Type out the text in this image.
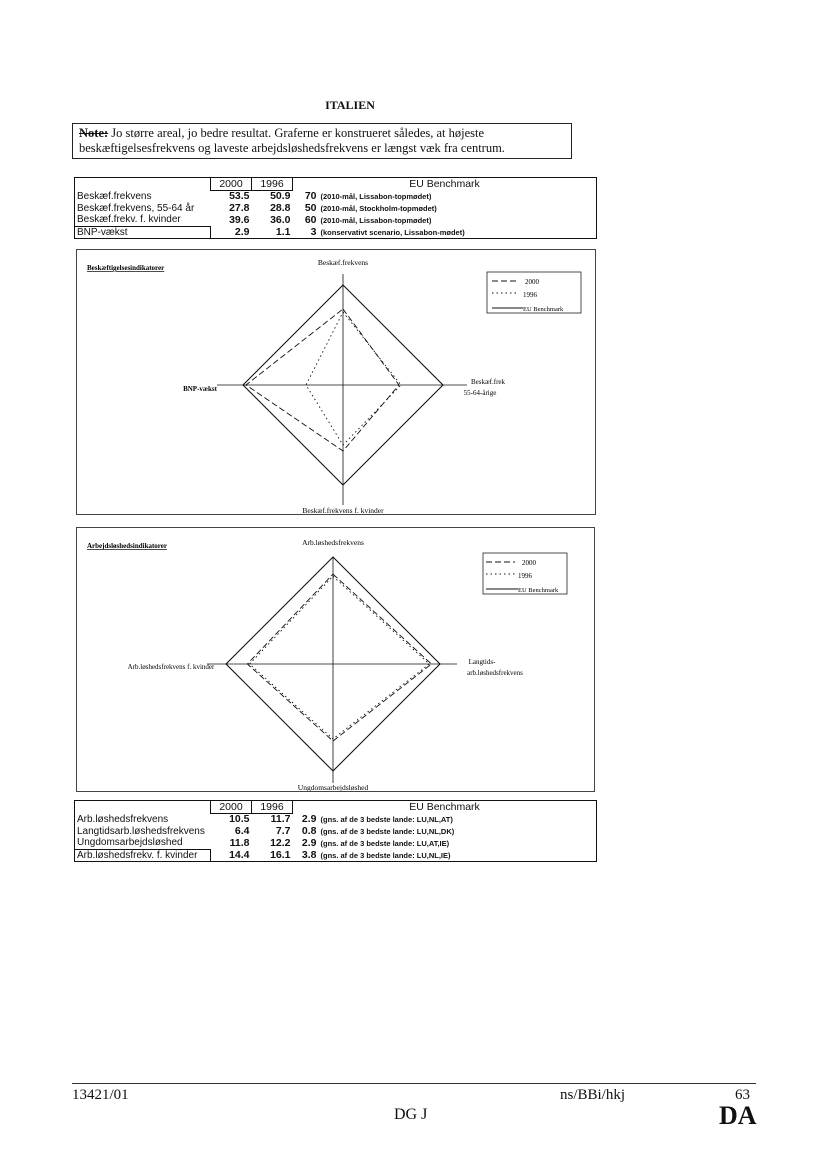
ITALIEN
Note: Jo større areal, jo bedre resultat. Graferne er konstrueret således, at højeste beskæftigelsesfrekvens og laveste arbejdsløshedsfrekvens er længst væk fra centrum.
	2000	1996	EU Benchmark	
Beskæf.frekvens	53.5	50.9	70	(2010-mål, Lissabon-topmødet)
Beskæf.frekvens, 55-64 år	27.8	28.8	50	(2010-mål, Stockholm-topmødet)
Beskæf.frekv. f. kvinder	39.6	36.0	60	(2010-mål, Lissabon-topmødet)
BNP-vækst	2.9	1.1	3	(konservativt scenario, Lissabon-mødet)
Beskæftigelsesindikatorer
Beskæf.frekvens
Beskæf.frek
55-64-årige
Beskæf.frekvens f. kvinder
BNP-vækst
2000
1996
EU Benchmark
Arbejdsløshedsindikatorer	Arb.løshedsfrekvens
Langtids-
arb.løshedsfrekvens
Ungdomsarbejdsløshed
Arb.løshedsfrekvens f. kvinder
2000
1996
EU Benchmark
	2000	1996	EU Benchmark	
Arb.løshedsfrekvens	10.5	11.7	2.9	(gns. af de 3 bedste lande: LU,NL,AT)
Langtidsarb.løshedsfrekvens	6.4	7.7	0.8	(gns. af de 3 bedste lande: LU,NL,DK)
Ungdomsarbejdsløshed	11.8	12.2	2.9	(gns. af de 3 bedste lande: LU,AT,IE)
Arb.løshedsfrekv. f. kvinder	14.4	16.1	3.8	(gns. af de 3 bedste lande: LU,NL,IE)
13421/01	ns/BBi/hkj	63
DG J	DA
